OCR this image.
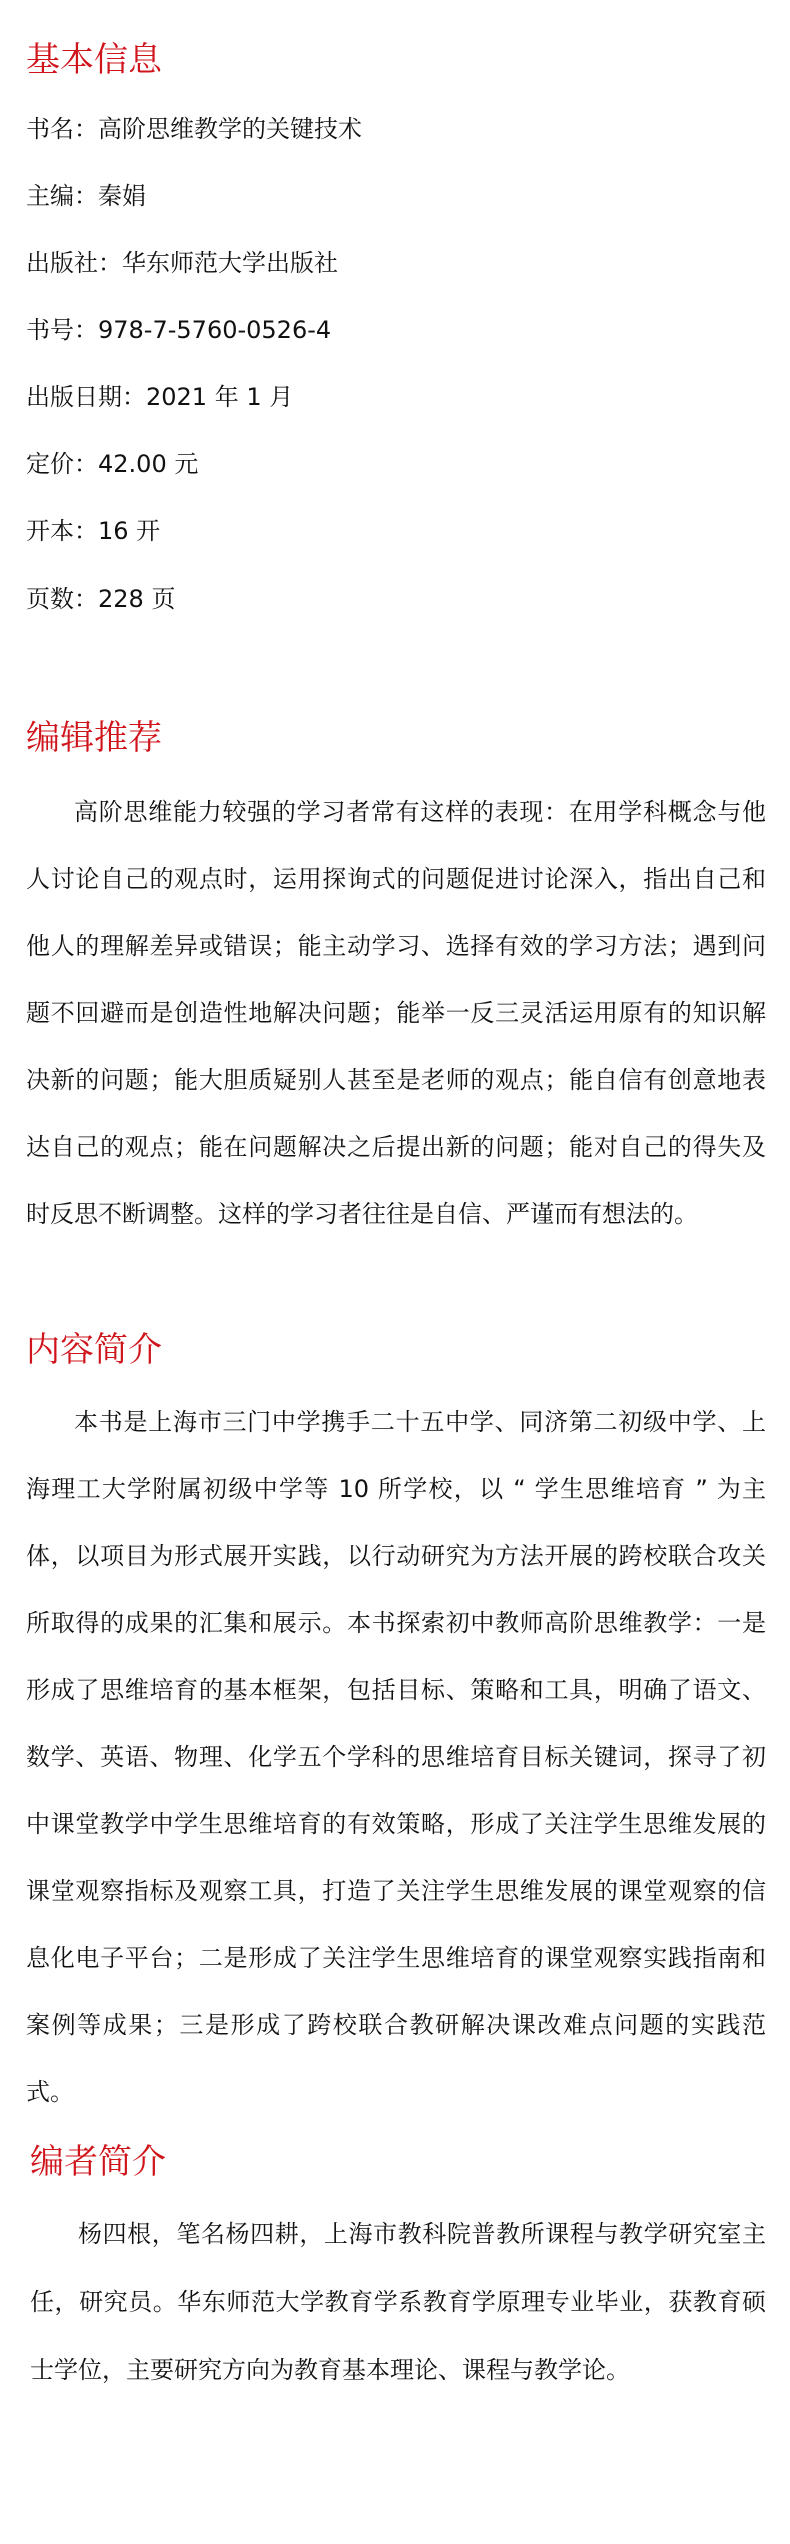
基本信息
书名：高阶思维教学的关键技术
主编：秦娟
出版社：华东师范大学出版社
书号：978-7-5760-0526-4
出版日期：2021 年 1 月
定价：42.00 元
开本：16 开
页数：228 页
编辑推荐

高阶思维能力较强的学习者常有这样的表现：在用学科概念与他人讨论自己的观点时，运用探询式的问题促进讨论深入，指出自己和他人的理解差异或错误；能主动学习、选择有效的学习方法；遇到问题不回避而是创造性地解决问题；能举一反三灵活运用原有的知识解决新的问题；能大胆质疑别人甚至是老师的观点；能自信有创意地表达自己的观点；能在问题解决之后提出新的问题；能对自己的得失及时反思不断调整。这样的学习者往往是自信、严谨而有想法的。

内容简介

本书是上海市三门中学携手二十五中学、同济第二初级中学、上海理工大学附属初级中学等 10 所学校，以 “ 学生思维培育 ” 为主体，以项目为形式展开实践，以行动研究为方法开展的跨校联合攻关所取得的成果的汇集和展示。本书探索初中教师高阶思维教学：一是形成了思维培育的基本框架，包括目标、策略和工具，明确了语文、数学、英语、物理、化学五个学科的思维培育目标关键词，探寻了初中课堂教学中学生思维培育的有效策略，形成了关注学生思维发展的课堂观察指标及观察工具，打造了关注学生思维发展的课堂观察的信息化电子平台；二是形成了关注学生思维培育的课堂观察实践指南和案例等成果；三是形成了跨校联合教研解决课改难点问题的实践范式。

编者简介

杨四根，笔名杨四耕，上海市教科院普教所课程与教学研究室主任，研究员。华东师范大学教育学系教育学原理专业毕业，获教育硕士学位，主要研究方向为教育基本理论、课程与教学论。
